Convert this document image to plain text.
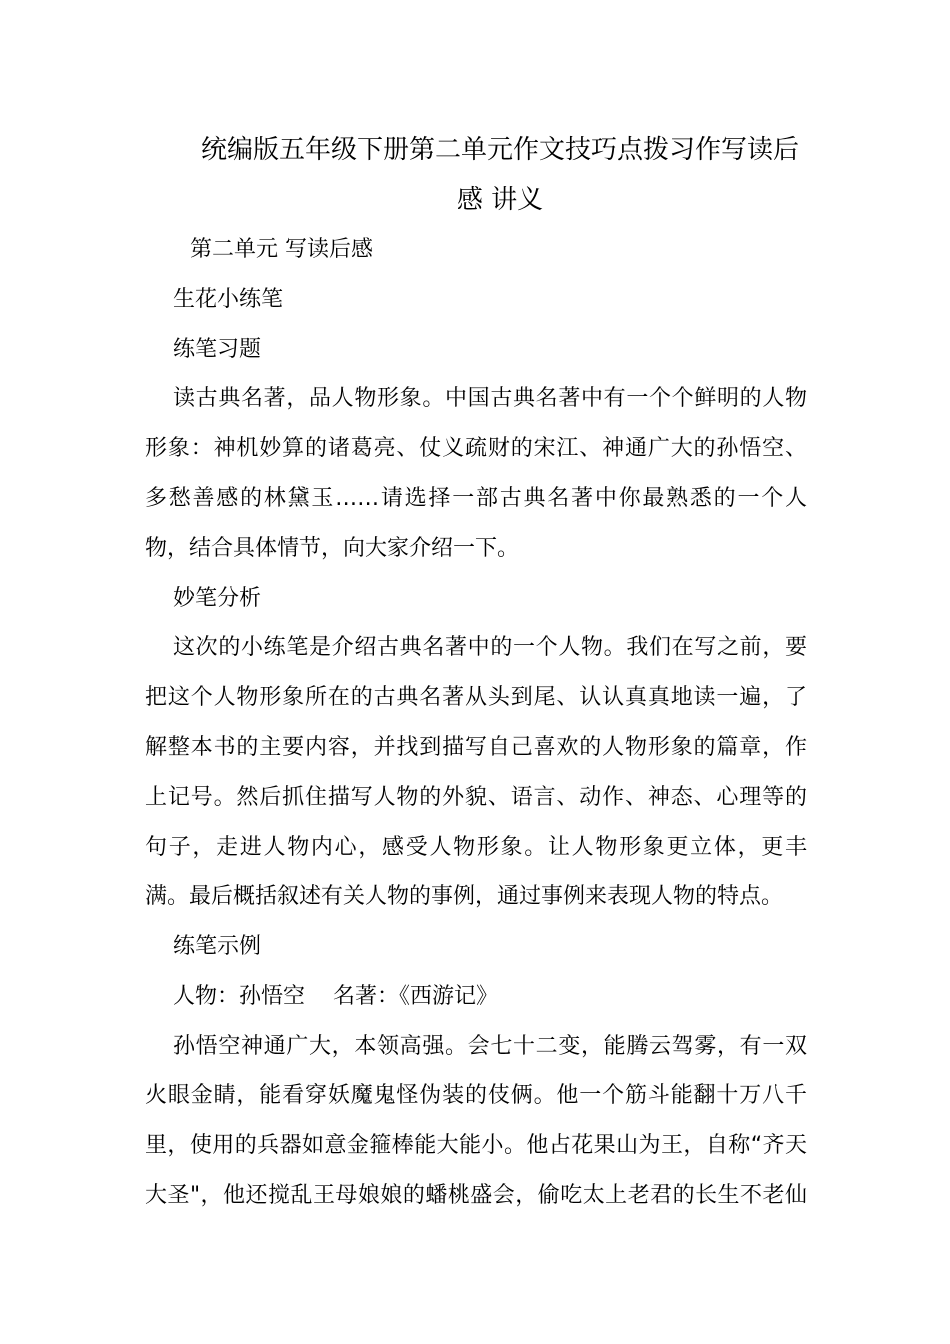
统编版五年级下册第二单元作文技巧点拨习作写读后
感 讲义
第二单元 写读后感
生花小练笔
练笔习题
读古典名著，品人物形象。中国古典名著中有一个个鲜明的人物
形象：神机妙算的诸葛亮、仗义疏财的宋江、神通广大的孙悟空、
多愁善感的林黛玉……请选择一部古典名著中你最熟悉的一个人
物，结合具体情节，向大家介绍一下。
妙笔分析
这次的小练笔是介绍古典名著中的一个人物。我们在写之前，要
把这个人物形象所在的古典名著从头到尾、认认真真地读一遍，了
解整本书的主要内容，并找到描写自己喜欢的人物形象的篇章，作
上记号。然后抓住描写人物的外貌、语言、动作、神态、心理等的
句子，走进人物内心，感受人物形象。让人物形象更立体，更丰
满。最后概括叙述有关人物的事例，通过事例来表现人物的特点。
练笔示例
人物：孙悟空    名著：《西游记》
孙悟空神通广大，本领高强。会七十二变，能腾云驾雾，有一双
火眼金睛，能看穿妖魔鬼怪伪装的伎俩。他一个筋斗能翻十万八千
里，使用的兵器如意金箍棒能大能小。他占花果山为王，自称“齐天
大圣"，他还搅乱王母娘娘的蟠桃盛会，偷吃太上老君的长生不老仙
